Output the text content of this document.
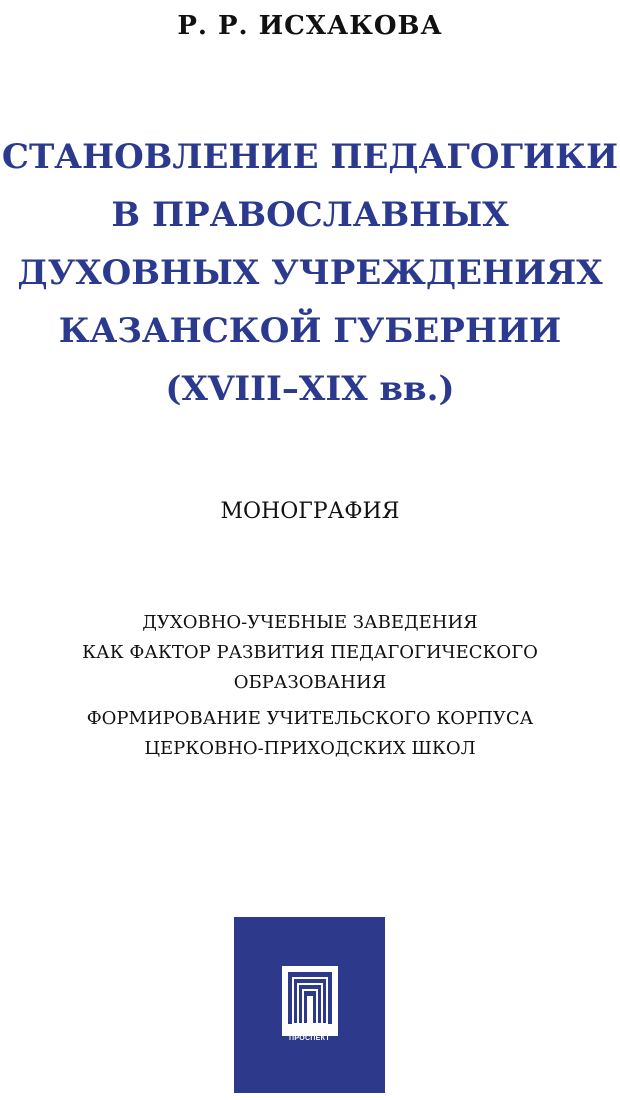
Р. Р. ИСХАКОВА
СТАНОВЛЕНИЕ ПЕДАГОГИКИ
В ПРАВОСЛАВНЫХ
ДУХОВНЫХ УЧРЕЖДЕНИЯХ
КАЗАНСКОЙ ГУБЕРНИИ
(XVIII–XIX вв.)
МОНОГРАФИЯ
ДУХОВНО-УЧЕБНЫЕ ЗАВЕДЕНИЯ
КАК ФАКТОР РАЗВИТИЯ ПЕДАГОГИЧЕСКОГО
ОБРАЗОВАНИЯ
ФОРМИРОВАНИЕ УЧИТЕЛЬСКОГО КОРПУСА
ЦЕРКОВНО-ПРИХОДСКИХ ШКОЛ
ПРОСПЕКТ
